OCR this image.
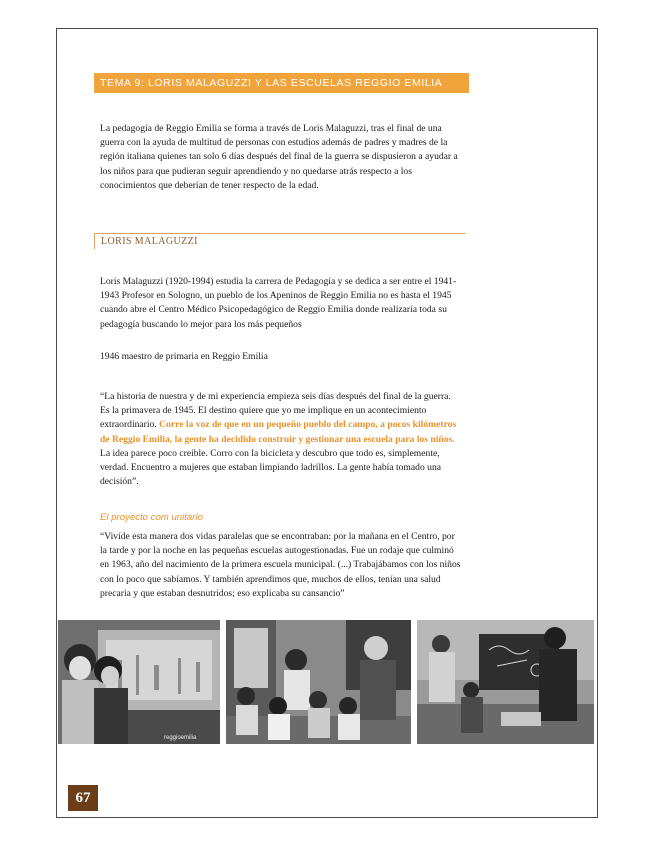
TEMA 9: LORIS MALAGUZZI Y LAS ESCUELAS REGGIO EMILIA

La pedagogía de Reggio Emilia se forma a través de Loris Malaguzzi, tras el final de una guerra con la ayuda de multitud de personas con estudios además de padres y madres de la región italiana quienes tan solo 6 días después del final de la guerra se dispusieron a ayudar a los niños para que pudieran seguir aprendiendo y no quedarse atrás respecto a los conocimientos que deberían de tener respecto de la edad.

LORIS MALAGUZZI

Loris Malaguzzi (1920-1994) estudia la carrera de Pedagogía y se dedica a ser entre el 1941- 1943 Profesor en Sologno, un pueblo de los Apeninos de Reggio Emilia no es hasta el 1945 cuando abre el Centro Médico Psicopedagógico de Reggio Emilia donde realizaría toda su pedagogía buscando lo mejor para los más pequeños

1946 maestro de primaria en Reggio Emilia

“La historia de nuestra y de mi experiencia empieza seis días después del final de la guerra. Es la primavera de 1945. El destino quiere que yo me implique en un acontecimiento extraordinario. Corre la voz de que en un pequeño pueblo del campo, a pocos kilómetros de Reggio Emilia, la gente ha decidido construir y gestionar una escuela para los niños. La idea parece poco creíble. Corro con la bicicleta y descubro que todo es, simplemente, verdad. Encuentro a mujeres que estaban limpiando ladrillos. La gente había tomado una decisión”.

El proyecto com unitario

“Vivíde esta manera dos vidas paralelas que se encontraban: por la mañana en el Centro, por la tarde y por la noche en las pequeñas escuelas autogestionadas. Fue un rodaje que culminó en 1963, año del nacimiento de la primera escuela municipal. (...) Trabajábamos con los niños con lo poco que sabíamos. Y también aprendimos que, muchos de ellos, tenían una salud precaria y que estaban desnutridos; eso explicaba su cansancio”

reggioemilia
67
